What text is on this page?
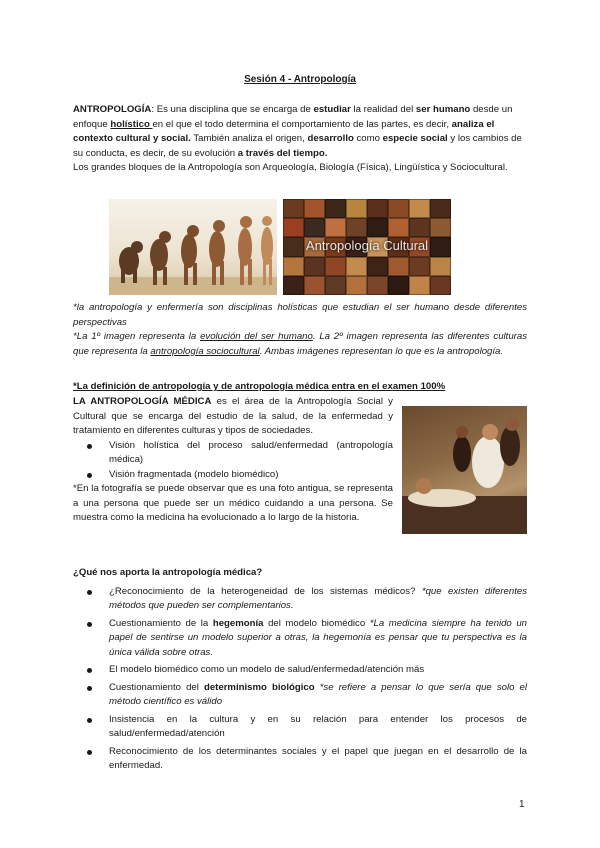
Sesión 4 - Antropología
ANTROPOLOGÍA: Es una disciplina que se encarga de estudiar la realidad del ser humano desde un
enfoque holístico en el que el todo determina el comportamiento de las partes, es decir, analiza el
contexto cultural y social. También analiza el origen, desarrollo como especie social y los cambios de
su conducta, es decir, de su evolución a través del tiempo.
Los grandes bloques de la Antropología son Arqueología, Biología (Física), Lingüística y Sociocultural.
Antropología Cultural

*la antropología y enfermería son disciplinas holísticas que estudian el ser humano desde diferentes perspectivas

*La 1º imagen representa la evolución del ser humano. La 2º imagen representa las diferentes culturas que representa la antropología sociocultural. Ambas imágenes representan lo que es la antropología.

*La definición de antropología y de antropología médica entra en el examen 100%

LA ANTROPOLOGÍA MÉDICA es el área de la Antropología Social y Cultural que se encarga del estudio de la salud, de la enfermedad y tratamiento en diferentes culturas y tipos de sociedades.

Visión holística del proceso salud/enfermedad (antropología médica)
Visión fragmentada (modelo biomédico)

*En la fotografía se puede observar que es una foto antigua, se representa a una persona que puede ser un médico cuidando a una persona. Se muestra como la medicina ha evolucionado a lo largo de la historia.

¿Qué nos aporta la antropología médica?
¿Reconocimiento de la heterogeneidad de los sistemas médicos? *que existen diferentes métodos que pueden ser complementarios.
Cuestionamiento de la hegemonía del modelo biomédico *La medicina siempre ha tenido un papel de sentirse un modelo superior a otras, la hegemonía es pensar que tu perspectiva es la única válida sobre otras.
El modelo biomédico como un modelo de salud/enfermedad/atención más
Cuestionamiento del determinismo biológico *se refiere a pensar lo que sería que solo el método científico es válido
Insistencia en la cultura y en su relación para entender los procesos de salud/enfermedad/atención
Reconocimiento de los determinantes sociales y el papel que juegan en el desarrollo de la enfermedad.
1
